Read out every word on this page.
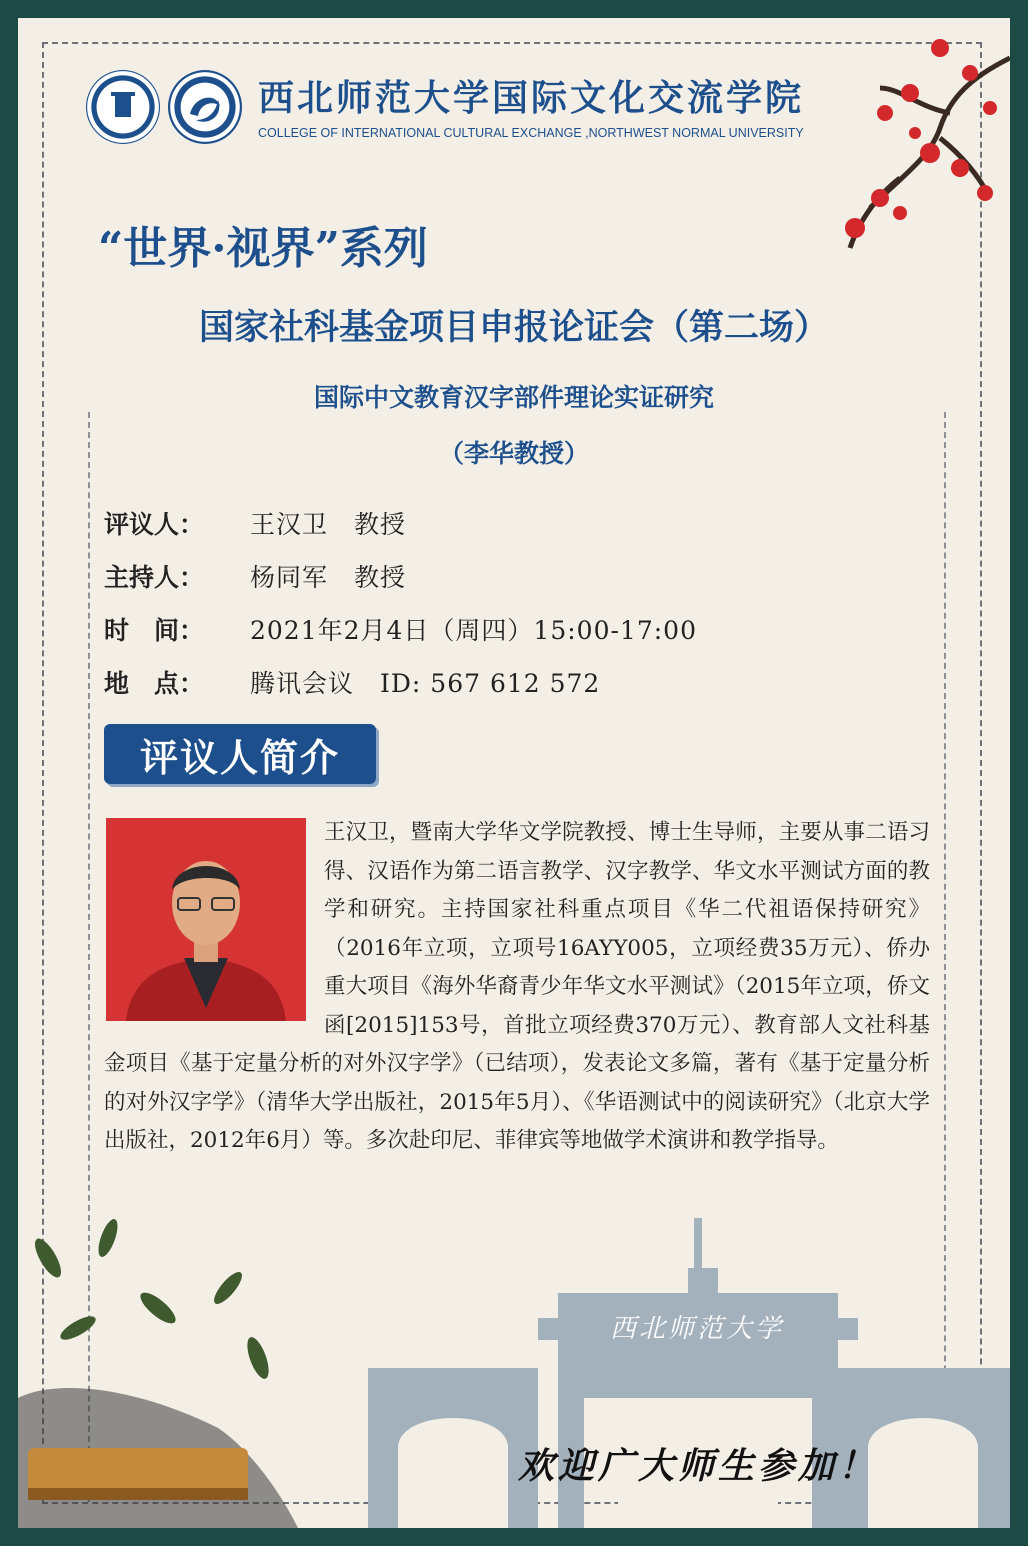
西北师范大学国际文化交流学院
COLLEGE OF INTERNATIONAL CULTURAL EXCHANGE ,NORTHWEST NORMAL UNIVERSITY
“世界·视界”系列
国家社科基金项目申报论证会（第二场）
国际中文教育汉字部件理论实证研究
（李华教授）
评议人：	王汉卫　教授
主持人：	杨同军　教授
时　间：	2021年2月4日（周四）15:00-17:00
地　点：	腾讯会议　ID: 567 612 572
评议人简介
王汉卫，暨南大学华文学院教授、博士生导师，主要从事二语习得、汉语作为第二语言教学、汉字教学、华文水平测试方面的教学和研究。主持国家社科重点项目《华二代祖语保持研究》（2016年立项，立项号16AYY005，立项经费35万元）、侨办重大项目《海外华裔青少年华文水平测试》（2015年立项，侨文函[2015]153号，首批立项经费370万元）、教育部人文社科基金项目《基于定量分析的对外汉字学》（已结项），发表论文多篇，著有《基于定量分析的对外汉字学》（清华大学出版社，2015年5月）、《华语测试中的阅读研究》（北京大学出版社，2012年6月）等。多次赴印尼、菲律宾等地做学术演讲和教学指导。
西北师范大学
欢迎广大师生参加！
